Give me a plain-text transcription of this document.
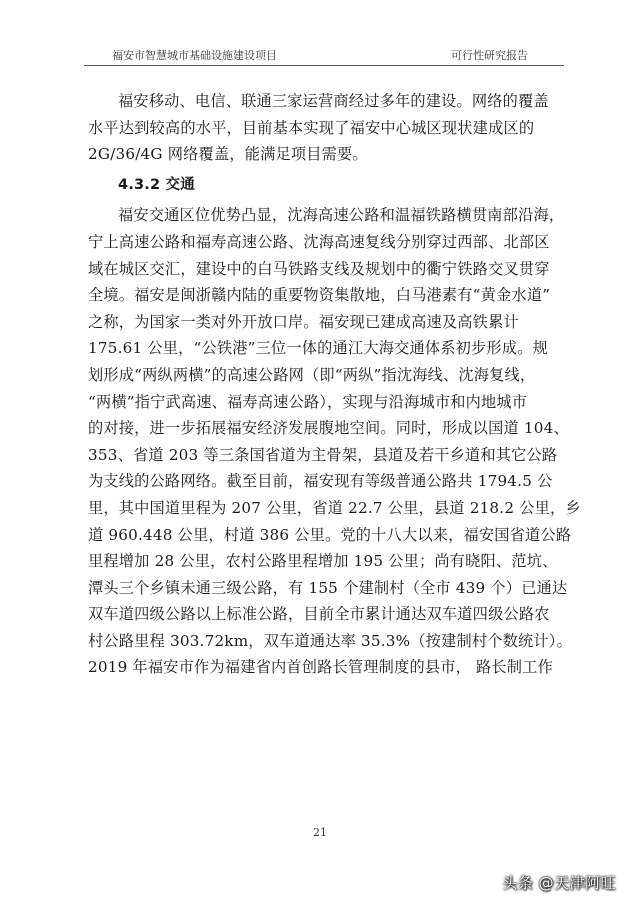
福安市智慧城市基础设施建设项目	可行性研究报告
福安移动、电信、联通三家运营商经过多年的建设。网络的覆盖
水平达到较高的水平，目前基本实现了福安中心城区现状建成区的
2G/36/4G 网络覆盖，能满足项目需要。
4.3.2 交通
福安交通区位优势凸显，沈海高速公路和温福铁路横贯南部沿海，
宁上高速公路和福寿高速公路、沈海高速复线分别穿过西部、北部区
域在城区交汇，建设中的白马铁路支线及规划中的衢宁铁路交叉贯穿
全境。福安是闽浙赣内陆的重要物资集散地，白马港素有“黄金水道”
之称，为国家一类对外开放口岸。福安现已建成高速及高铁累计
175.61 公里，“公铁港”三位一体的通江大海交通体系初步形成。规
划形成“两纵两横”的高速公路网（即“两纵”指沈海线、沈海复线，
“两横”指宁武高速、福寿高速公路），实现与沿海城市和内地城市
的对接，进一步拓展福安经济发展腹地空间。同时，形成以国道 104、
353、省道 203 等三条国省道为主骨架，县道及若干乡道和其它公路
为支线的公路网络。截至目前，福安现有等级普通公路共 1794.5 公
里，其中国道里程为 207 公里，省道 22.7 公里，县道 218.2 公里，乡
道 960.448 公里，村道 386 公里。党的十八大以来，福安国省道公路
里程增加 28 公里，农村公路里程增加 195 公里；尚有晓阳、范坑、
潭头三个乡镇未通三级公路，有 155 个建制村（全市 439 个）已通达
双车道四级公路以上标准公路，目前全市累计通达双车道四级公路农
村公路里程 303.72km，双车道通达率 35.3%（按建制村个数统计）。
2019 年福安市作为福建省内首创路长管理制度的县市， 路长制工作
21
头条 @天津阿旺
